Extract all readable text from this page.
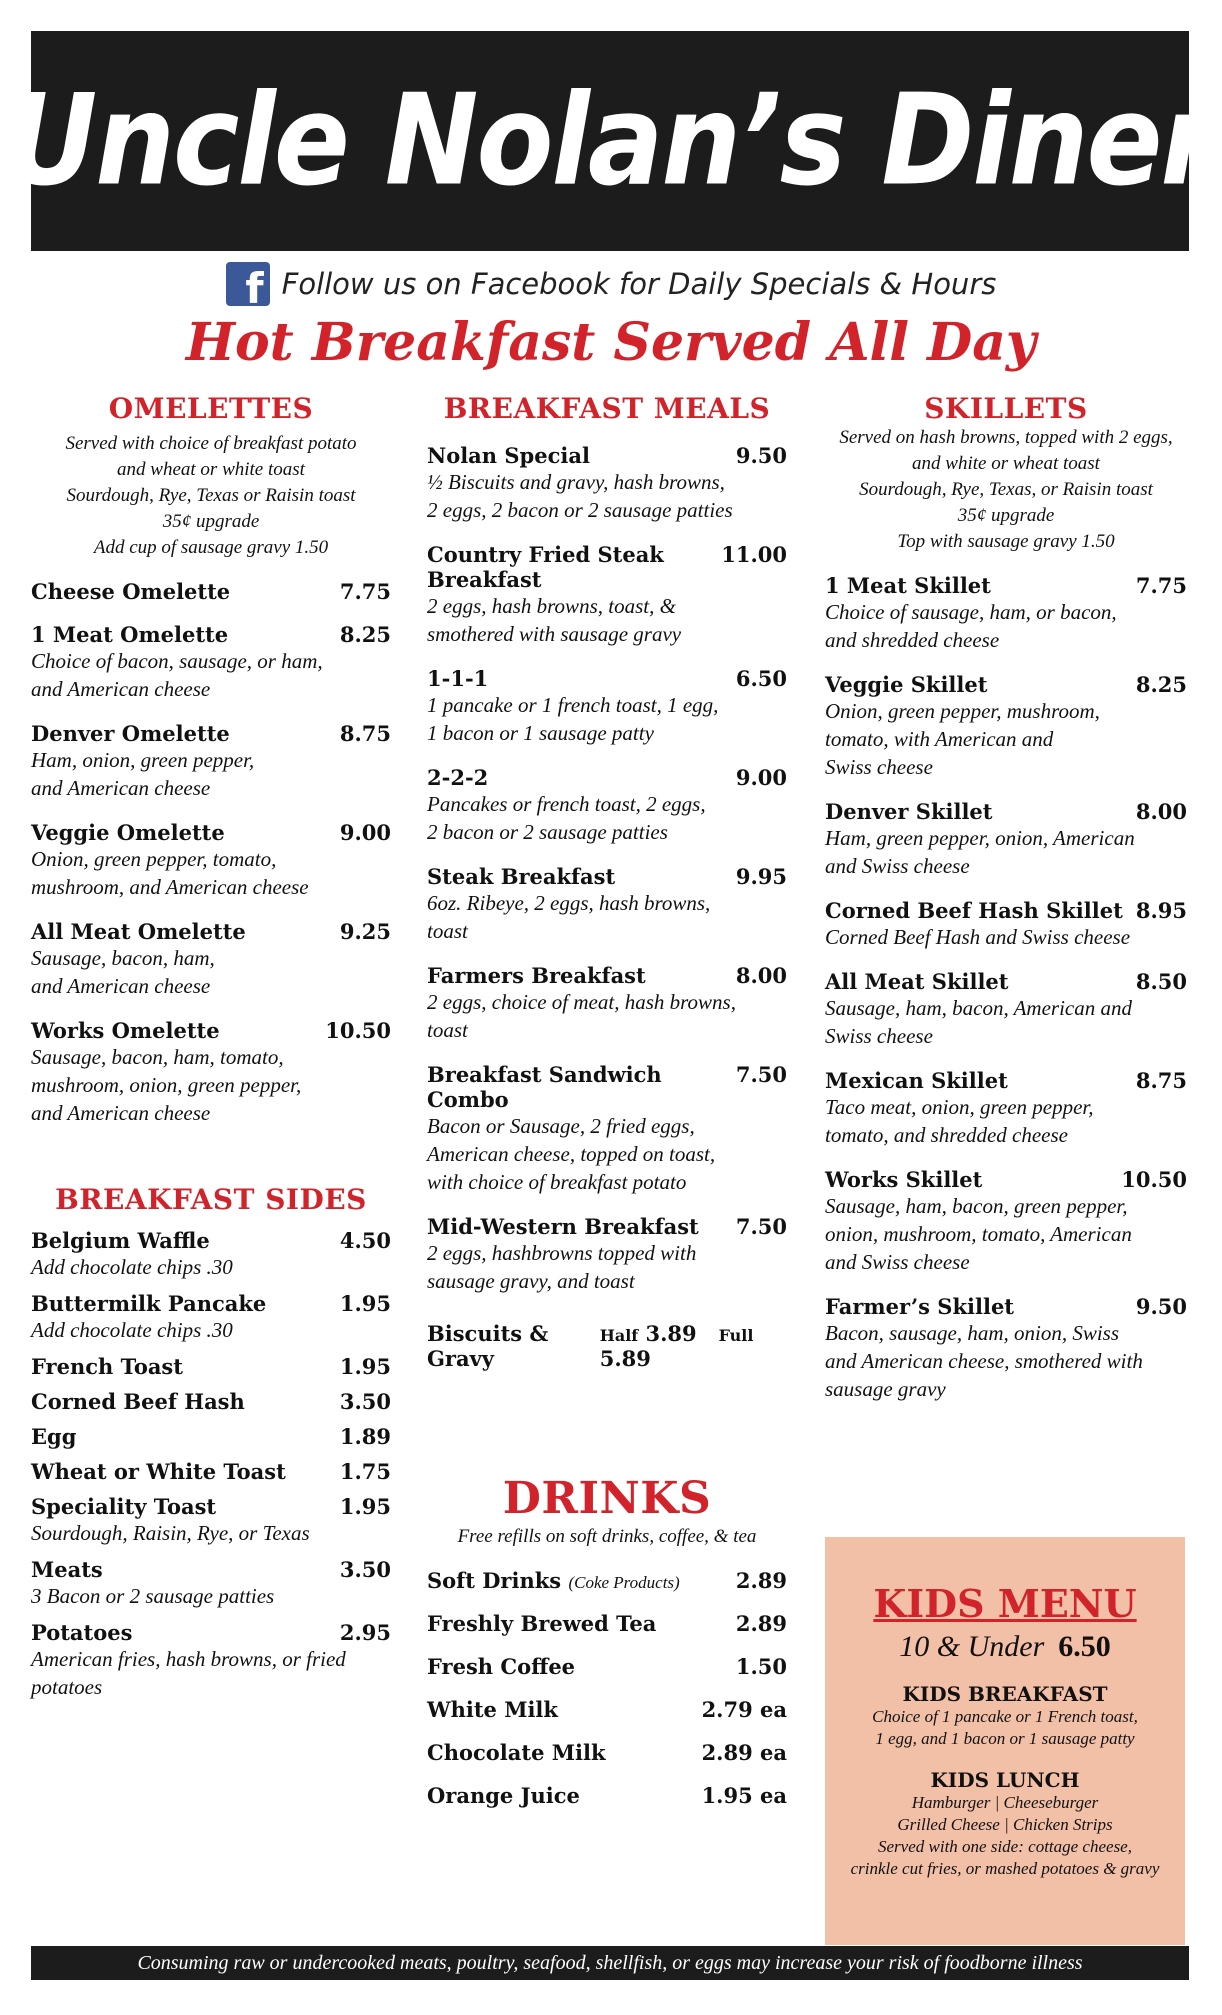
Uncle Nolan’s Diner
f Follow us on Facebook for Daily Specials & Hours
Hot Breakfast Served All Day
OMELETTES
Served with choice of breakfast potato
and wheat or white toast
Sourdough, Rye, Texas or Raisin toast
35¢ upgrade
Add cup of sausage gravy 1.50
Cheese Omelette	7.75
1 Meat Omelette	8.25
Choice of bacon, sausage, or ham,
and American cheese
Denver Omelette	8.75
Ham, onion, green pepper,
and American cheese
Veggie Omelette	9.00
Onion, green pepper, tomato,
mushroom, and American cheese
All Meat Omelette	9.25
Sausage, bacon, ham,
and American cheese
Works Omelette	10.50
Sausage, bacon, ham, tomato,
mushroom, onion, green pepper,
and American cheese
BREAKFAST SIDES
Belgium Waffle	4.50
Add chocolate chips .30
Buttermilk Pancake	1.95
Add chocolate chips .30
French Toast	1.95
Corned Beef Hash	3.50
Egg	1.89
Wheat or White Toast	1.75
Speciality Toast	1.95
Sourdough, Raisin, Rye, or Texas
Meats	3.50
3 Bacon or 2 sausage patties
Potatoes	2.95
American fries, hash browns, or fried
potatoes
BREAKFAST MEALS
Nolan Special	9.50
½ Biscuits and gravy, hash browns,
2 eggs, 2 bacon or 2 sausage patties
Country Fried Steak Breakfast
11.00
2 eggs, hash browns, toast, &
smothered with sausage gravy
1-1-1	6.50
1 pancake or 1 french toast, 1 egg,
1 bacon or 1 sausage patty
2-2-2	9.00
Pancakes or french toast, 2 eggs,
2 bacon or 2 sausage patties
Steak Breakfast	9.95
6oz. Ribeye, 2 eggs, hash browns,
toast
Farmers Breakfast	8.00
2 eggs, choice of meat, hash browns,
toast
Breakfast Sandwich Combo
7.50
Bacon or Sausage, 2 fried eggs,
American cheese, topped on toast,
with choice of breakfast potato
Mid-Western Breakfast 7.50
2 eggs, hashbrowns topped with
sausage gravy, and toast
Biscuits & Gravy
Half 3.89 Full 5.89
DRINKS
Free refills on soft drinks, coffee, & tea
Soft Drinks (Coke Products)	2.89
Freshly Brewed Tea	2.89
Fresh Coffee	1.50
White Milk	2.79 ea
Chocolate Milk	2.89 ea
Orange Juice	1.95 ea
SKILLETS
Served on hash browns, topped with 2 eggs,
and white or wheat toast
Sourdough, Rye, Texas, or Raisin toast
35¢ upgrade
Top with sausage gravy 1.50
1 Meat Skillet	7.75
Choice of sausage, ham, or bacon,
and shredded cheese
Veggie Skillet	8.25
Onion, green pepper, mushroom,
tomato, with American and
Swiss cheese
Denver Skillet	8.00
Ham, green pepper, onion, American
and Swiss cheese
Corned Beef Hash Skillet 8.95
Corned Beef Hash and Swiss cheese
All Meat Skillet	8.50
Sausage, ham, bacon, American and
Swiss cheese
Mexican Skillet	8.75
Taco meat, onion, green pepper,
tomato, and shredded cheese
Works Skillet	10.50
Sausage, ham, bacon, green pepper,
onion, mushroom, tomato, American
and Swiss cheese
Farmer’s Skillet	9.50
Bacon, sausage, ham, onion, Swiss
and American cheese, smothered with
sausage gravy
KIDS MENU
10 & Under 6.50
KIDS BREAKFAST
Choice of 1 pancake or 1 French toast,
1 egg, and 1 bacon or 1 sausage patty
KIDS LUNCH
Hamburger | Cheeseburger
Grilled Cheese | Chicken Strips
Served with one side: cottage cheese,
crinkle cut fries, or mashed potatoes & gravy
Consuming raw or undercooked meats, poultry, seafood, shellfish, or eggs may increase your risk of foodborne illness
